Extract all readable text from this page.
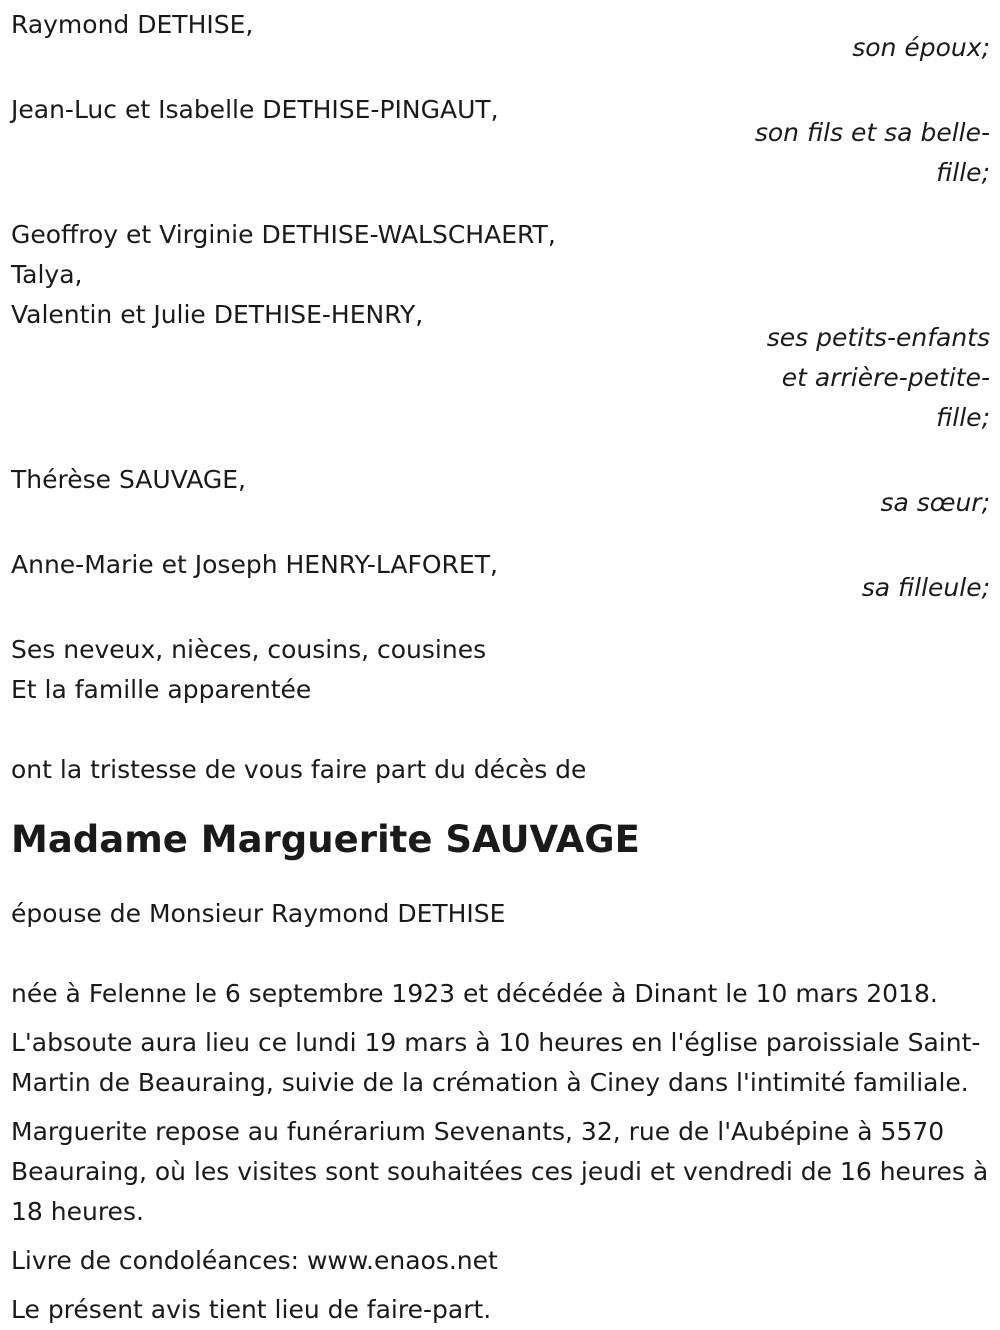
Raymond DETHISE,
son époux;
Jean-Luc et Isabelle DETHISE-PINGAUT,
son fils et sa belle-
fille;
Geoffroy et Virginie DETHISE-WALSCHAERT,
Talya,
Valentin et Julie DETHISE-HENRY,
ses petits-enfants
et arrière-petite-
fille;
Thérèse SAUVAGE,
sa sœur;
Anne-Marie et Joseph HENRY-LAFORET,
sa filleule;
Ses neveux, nièces, cousins, cousines
Et la famille apparentée
ont la tristesse de vous faire part du décès de
Madame Marguerite SAUVAGE
épouse de Monsieur Raymond DETHISE

née à Felenne le 6 septembre 1923 et décédée à Dinant le 10 mars 2018.

L'absoute aura lieu ce lundi 19 mars à 10 heures en l'église paroissiale Saint-Martin de Beauraing, suivie de la crémation à Ciney dans l'intimité familiale.

Marguerite repose au funérarium Sevenants, 32, rue de l'Aubépine à 5570 Beauraing, où les visites sont souhaitées ces jeudi et vendredi de 16 heures à 18 heures.

Livre de condoléances: www.enaos.net

Le présent avis tient lieu de faire-part.
